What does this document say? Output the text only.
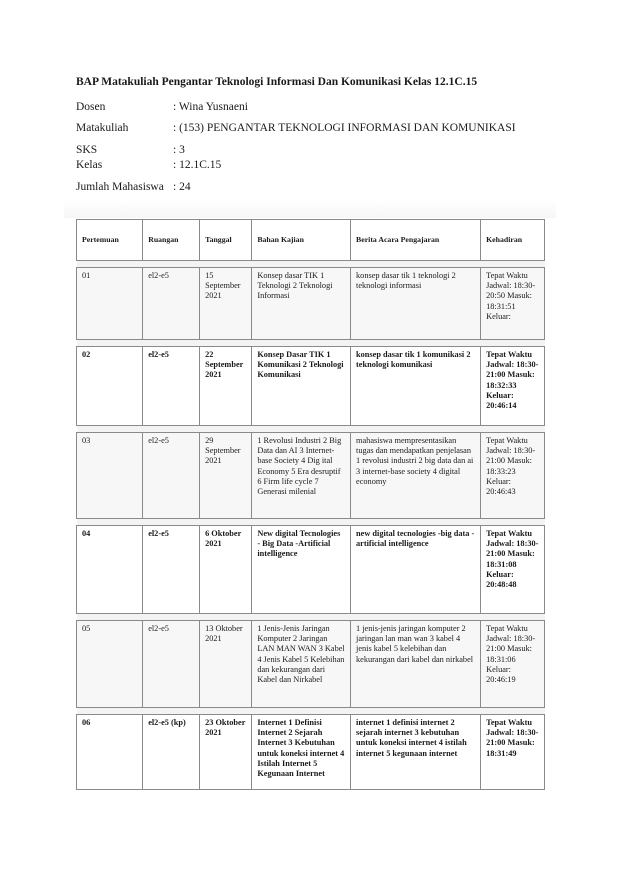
BAP Matakuliah Pengantar Teknologi Informasi Dan Komunikasi Kelas 12.1C.15
Dosen	: Wina Yusnaeni
Matakuliah	: (153) PENGANTAR TEKNOLOGI INFORMASI DAN KOMUNIKASI
SKS	: 3
Kelas	: 12.1C.15
Jumlah Mahasiswa : 24
Pertemuan	Ruangan	Tanggal	Bahan Kajian	Berita Acara Pengajaran	Kehadiran

01	el2-e5	15 September 2021	Konsep dasar TIK 1 Teknologi 2 Teknologi Informasi	konsep dasar tik 1 teknologi 2 teknologi informasi	Tepat Waktu Jadwal: 18:30-20:50 Masuk: 18:31:51 Keluar:

02	el2-e5	22 September 2021	Konsep Dasar TIK 1 Komunikasi 2 Teknologi Komunikasi	konsep dasar tik 1 komunikasi 2 teknologi komunikasi	Tepat Waktu Jadwal: 18:30-21:00 Masuk: 18:32:33 Keluar: 20:46:14

03	el2-e5	29 September 2021	1 Revolusi Industri 2 Big Data dan AI 3 Internet-base Society 4 Dig ital Economy 5 Era desruptif 6 Firm life cycle 7 Generasi milenial	mahasiswa mempresentasikan tugas dan mendapatkan penjelasan 1 revolusi industri 2 big data dan ai 3 internet-base society 4 digital economy	Tepat Waktu Jadwal: 18:30-21:00 Masuk: 18:33:23 Keluar: 20:46:43

04	el2-e5	6 Oktober 2021	New digital Tecnologies - Big Data -Artificial intelligence	new digital tecnologies -big data -artificial intelligence	Tepat Waktu Jadwal: 18:30-21:00 Masuk: 18:31:08 Keluar: 20:48:48

05	el2-e5	13 Oktober 2021	1 Jenis-Jenis Jaringan Komputer 2 Jaringan LAN MAN WAN 3 Kabel 4 Jenis Kabel 5 Kelebihan dan kekurangan dari Kabel dan Nirkabel	1 jenis-jenis jaringan komputer 2 jaringan lan man wan 3 kabel 4 jenis kabel 5 kelebihan dan kekurangan dari kabel dan nirkabel	Tepat Waktu Jadwal: 18:30-21:00 Masuk: 18:31:06 Keluar: 20:46:19

06	el2-e5 (kp)	23 Oktober 2021	Internet 1 Definisi Internet 2 Sejarah Internet 3 Kebutuhan untuk koneksi internet 4 Istilah Internet 5 Kegunaan Internet	internet 1 definisi internet 2 sejarah internet 3 kebutuhan untuk koneksi internet 4 istilah internet 5 kegunaan internet	Tepat Waktu Jadwal: 18:30-21:00 Masuk: 18:31:49
